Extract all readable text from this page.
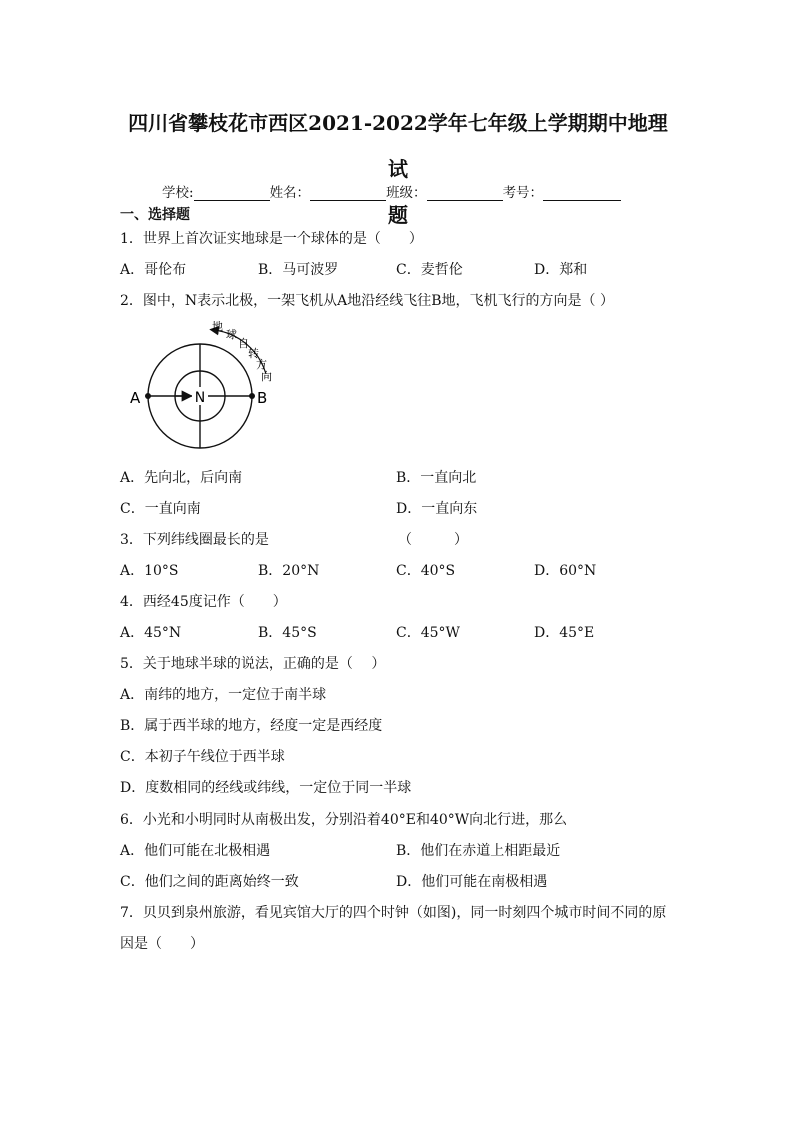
四川省攀枝花市西区2021-2022学年七年级上学期期中地理试
题
学校:	姓名：	班级：	考号：
一、选择题
1．世界上首次证实地球是一个球体的是（　　）
A．哥伦布	B．马可波罗	C．麦哲伦	D．郑和
2．图中，N表示北极，一架飞机从A地沿经线飞往B地，飞机飞行的方向是（ ）
N
A	B
地
球
自
转
方
向
A．先向北，后向南	B．一直向北
C．一直向南	D．一直向东
3．下列纬线圈最长的是	（　　　）
A．10°S	B．20°N	C．40°S	D．60°N
4．西经45度记作（　　）
A．45°N	B．45°S	C．45°W	D．45°E
5．关于地球半球的说法，正确的是（　 ）
A．南纬的地方，一定位于南半球
B．属于西半球的地方，经度一定是西经度
C．本初子午线位于西半球
D．度数相同的经线或纬线，一定位于同一半球
6．小光和小明同时从南极出发，分别沿着40°E和40°W向北行进，那么
A．他们可能在北极相遇	B．他们在赤道上相距最近
C．他们之间的距离始终一致	D．他们可能在南极相遇
7．贝贝到泉州旅游，看见宾馆大厅的四个时钟（如图)，同一时刻四个城市时间不同的原
因是（　　）
